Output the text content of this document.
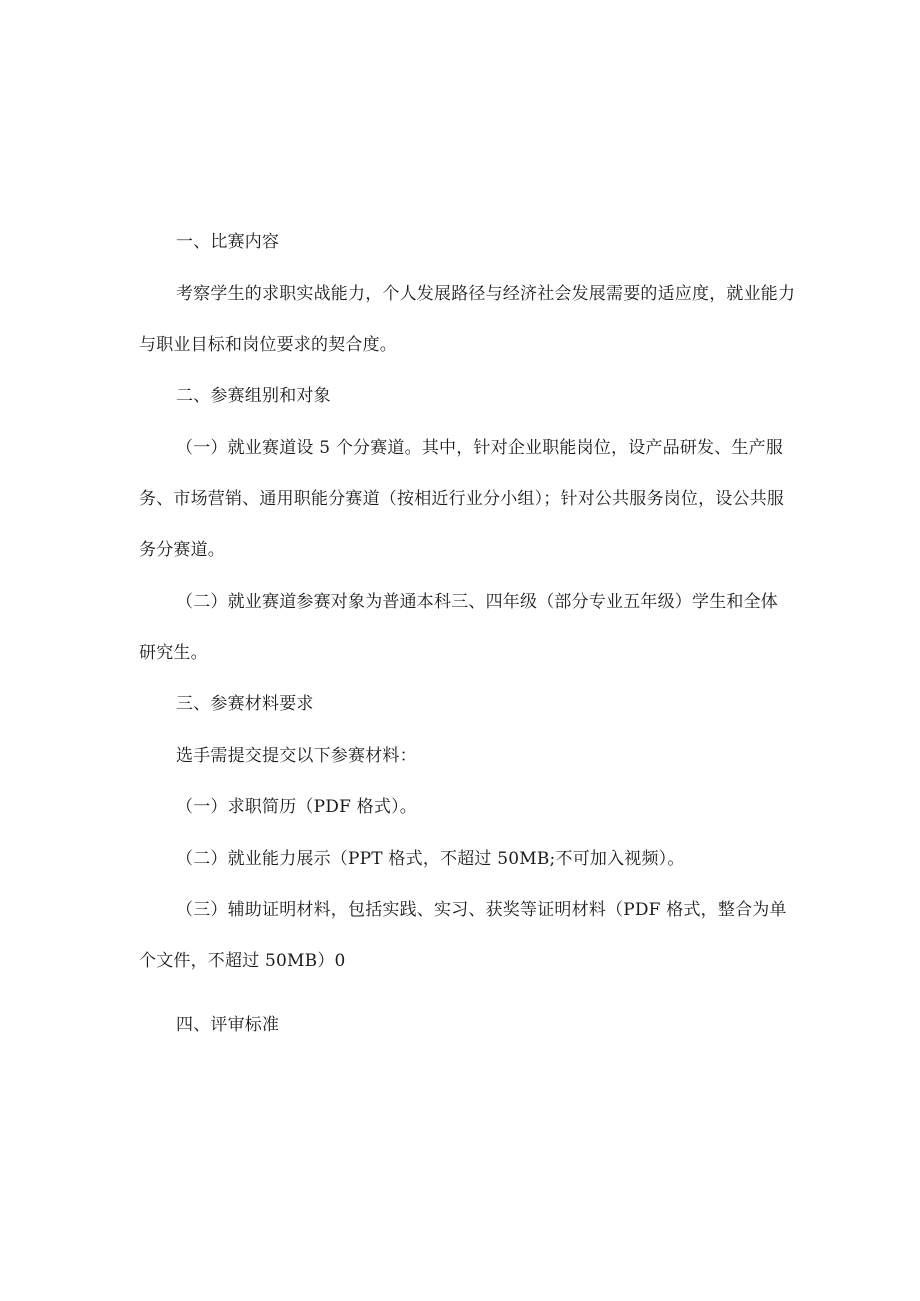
一、比赛内容
考察学生的求职实战能力，个人发展路径与经济社会发展需要的适应度，就业能力
与职业目标和岗位要求的契合度。
二、参赛组别和对象
（一）就业赛道设 5 个分赛道。其中，针对企业职能岗位，设产品研发、生产服
务、市场营销、通用职能分赛道（按相近行业分小组）；针对公共服务岗位，设公共服
务分赛道。
（二）就业赛道参赛对象为普通本科三、四年级（部分专业五年级）学生和全体
研究生。
三、参赛材料要求
选手需提交提交以下参赛材料：
（一）求职简历（PDF 格式）。
（二）就业能力展示（PPT 格式，不超过 50MB;不可加入视频）。
（三）辅助证明材料，包括实践、实习、获奖等证明材料（PDF 格式，整合为单
个文件，不超过 50MB）0
四、评审标准
